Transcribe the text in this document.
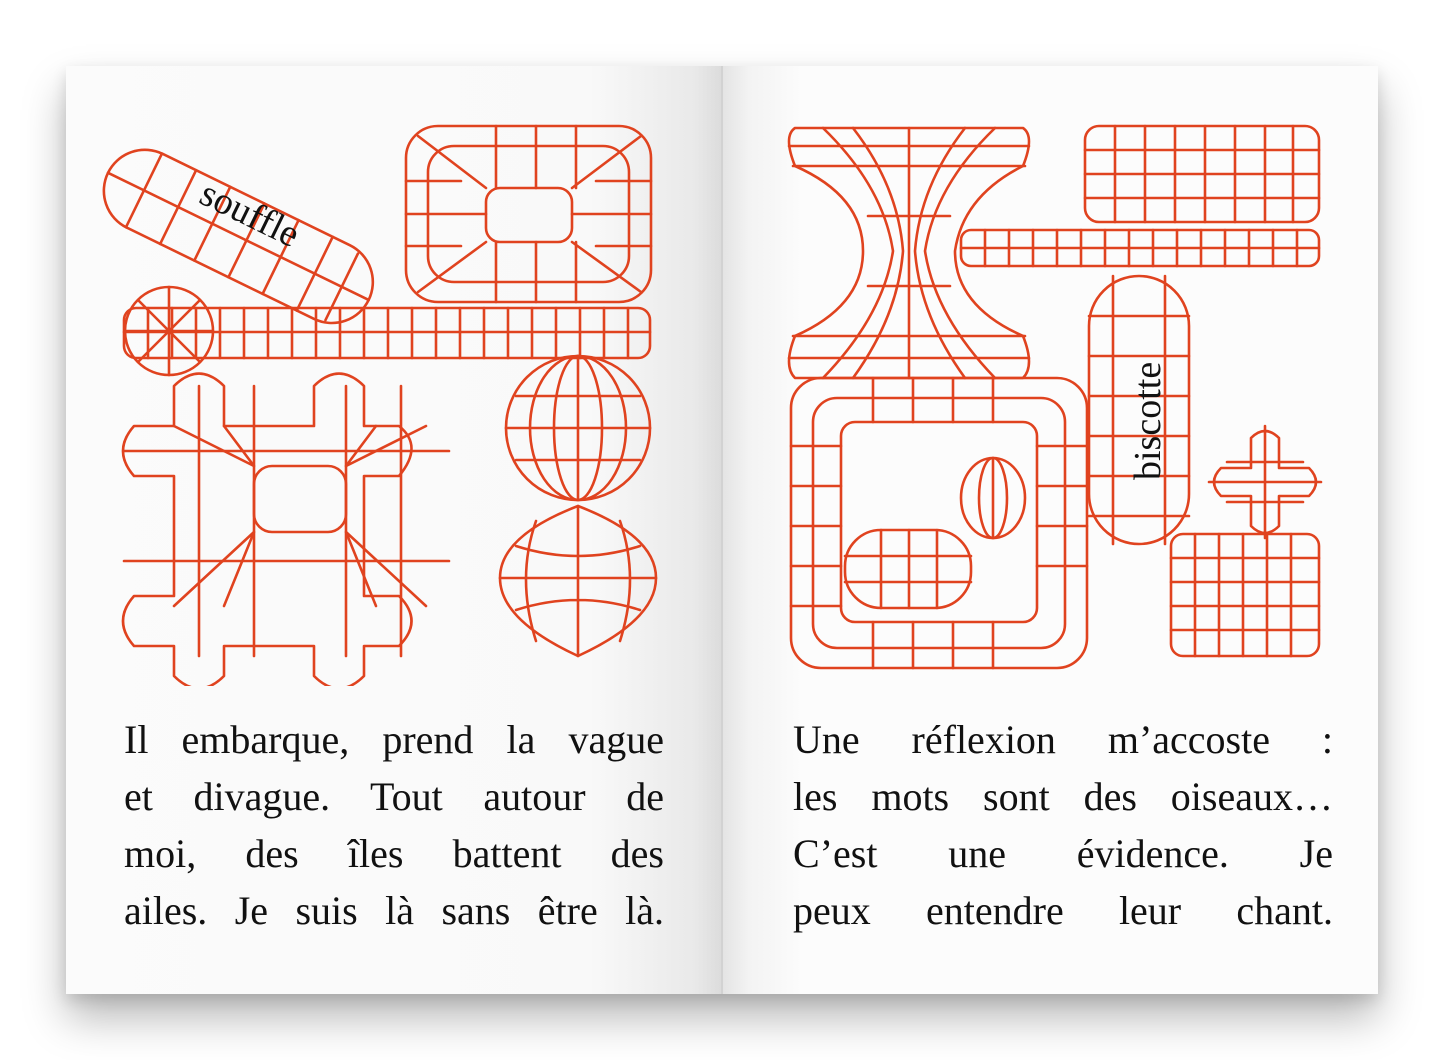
souffle

Il embarque, prend la vague
et divague. Tout autour de
moi, des îles battent des
ailes. Je suis là sans être là.

biscotte

Une réflexion m’accoste :
les mots sont des oiseaux…
C’est une évidence. Je
peux entendre leur chant.
